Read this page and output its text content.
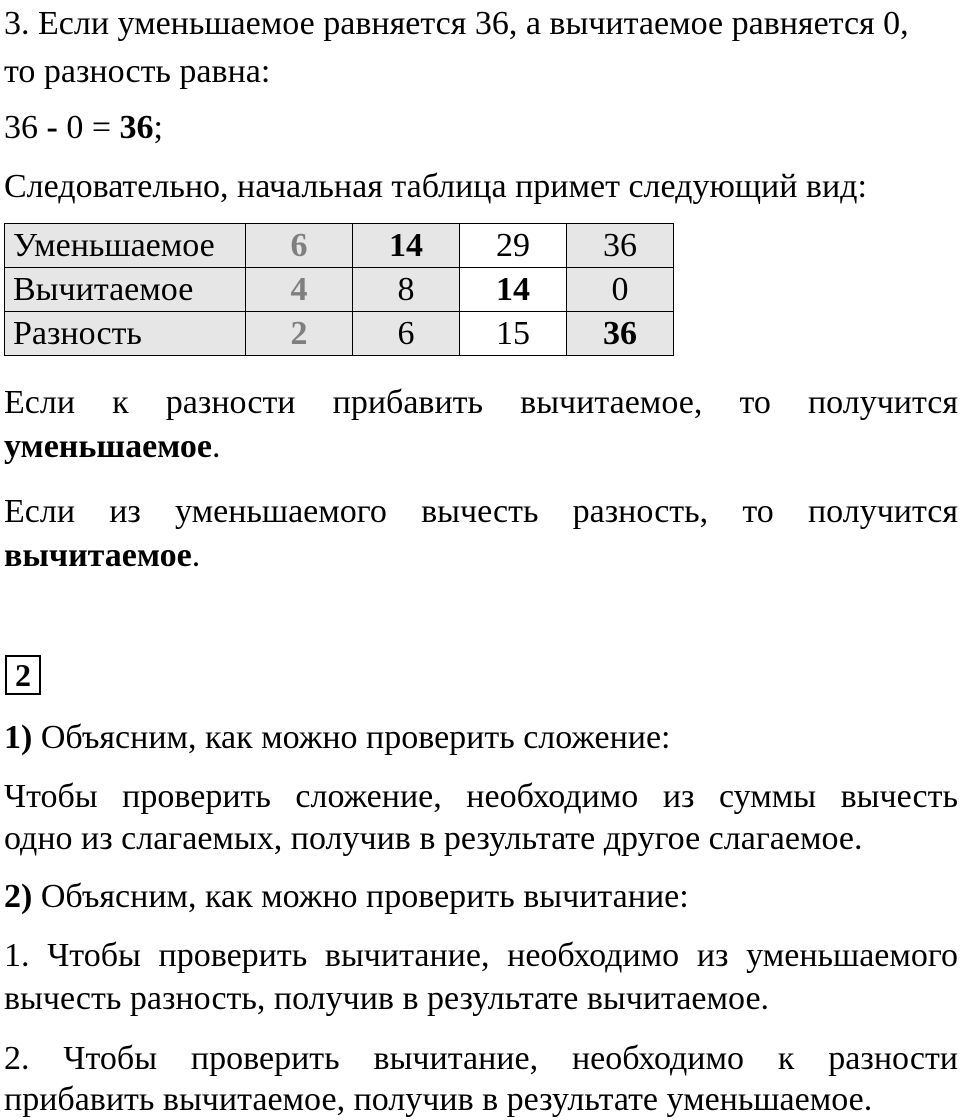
3. Если уменьшаемое равняется 36, а вычитаемое равняется 0,
то разность равна:
36 - 0 = 36;
Следовательно, начальная таблица примет следующий вид:
Уменьшаемое	6	14	29	36
Вычитаемое	4	8	14	0
Разность	2	6	15	36
Если к разности прибавить вычитаемое, то получится
уменьшаемое.
Если из уменьшаемого вычесть разность, то получится
вычитаемое.
2
1) Объясним, как можно проверить сложение:
Чтобы проверить сложение, необходимо из суммы вычесть
одно из слагаемых, получив в результате другое слагаемое.
2) Объясним, как можно проверить вычитание:
1. Чтобы проверить вычитание, необходимо из уменьшаемого
вычесть разность, получив в результате вычитаемое.
2. Чтобы проверить вычитание, необходимо к разности
прибавить вычитаемое, получив в результате уменьшаемое.
